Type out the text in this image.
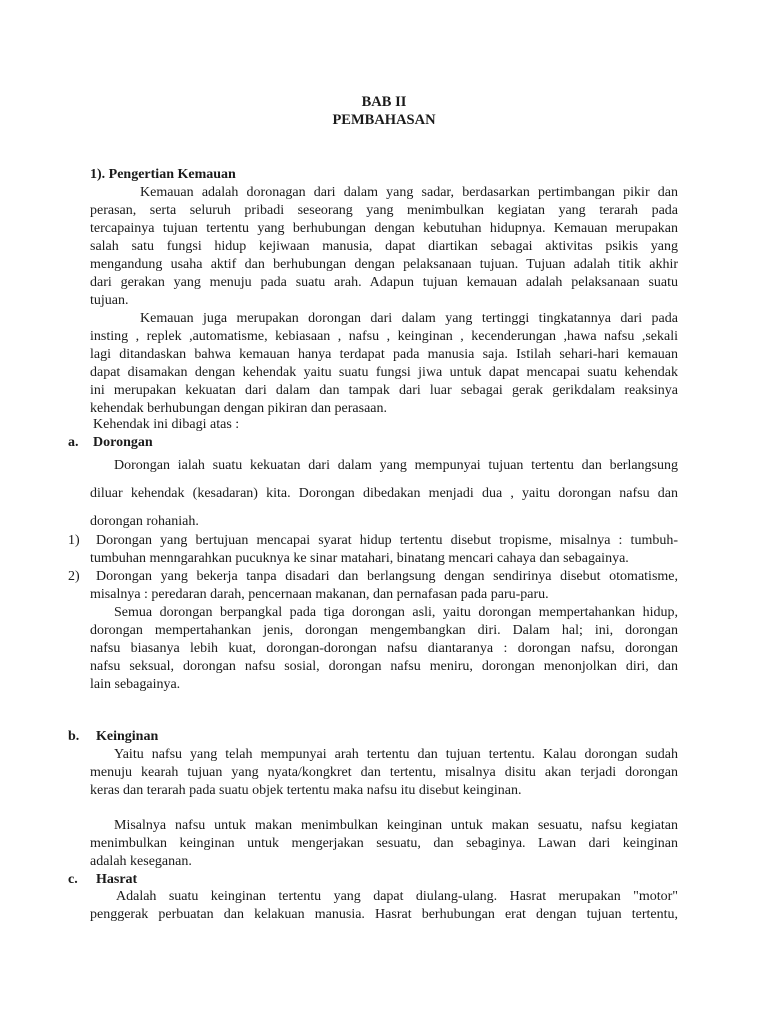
BAB II
PEMBAHASAN
1). Pengertian Kemauan
Kemauan adalah doronagan dari dalam yang sadar, berdasarkan pertimbangan pikir dan
perasan, serta seluruh pribadi seseorang yang menimbulkan kegiatan yang terarah pada
tercapainya tujuan tertentu yang berhubungan dengan kebutuhan hidupnya. Kemauan merupakan
salah satu fungsi hidup kejiwaan manusia, dapat diartikan sebagai aktivitas psikis yang
mengandung usaha aktif dan berhubungan dengan pelaksanaan tujuan. Tujuan adalah titik akhir
dari gerakan yang menuju pada suatu arah. Adapun tujuan kemauan adalah pelaksanaan suatu
tujuan.
Kemauan juga merupakan dorongan dari dalam yang tertinggi tingkatannya dari pada
insting , replek ,automatisme, kebiasaan , nafsu , keinginan , kecenderungan ,hawa nafsu ,sekali
lagi ditandaskan bahwa kemauan hanya terdapat pada manusia saja. Istilah sehari-hari kemauan
dapat disamakan dengan kehendak yaitu suatu fungsi jiwa untuk dapat mencapai suatu kehendak
ini merupakan kekuatan dari dalam dan tampak dari luar sebagai gerak gerikdalam reaksinya
kehendak berhubungan dengan pikiran dan perasaan.
Kehendak ini dibagi atas :
a. Dorongan
Dorongan ialah suatu kekuatan dari dalam yang mempunyai tujuan tertentu dan berlangsung
diluar kehendak (kesadaran) kita. Dorongan dibedakan menjadi dua , yaitu dorongan nafsu dan
dorongan rohaniah.
1)	Dorongan yang bertujuan mencapai syarat hidup tertentu disebut tropisme, misalnya : tumbuh-
tumbuhan menngarahkan pucuknya ke sinar matahari, binatang mencari cahaya dan sebagainya.
2)	Dorongan yang bekerja tanpa disadari dan berlangsung dengan sendirinya disebut otomatisme,
misalnya : peredaran darah, pencernaan makanan, dan pernafasan pada paru-paru.
Semua dorongan berpangkal pada tiga dorongan asli, yaitu dorongan mempertahankan hidup,
dorongan mempertahankan jenis, dorongan mengembangkan diri. Dalam hal; ini, dorongan
nafsu biasanya lebih kuat, dorongan-dorongan nafsu diantaranya : dorongan nafsu, dorongan
nafsu seksual, dorongan nafsu sosial, dorongan nafsu meniru, dorongan menonjolkan diri, dan
lain sebagainya.
b. Keinginan
Yaitu nafsu yang telah mempunyai arah tertentu dan tujuan tertentu. Kalau dorongan sudah
menuju kearah tujuan yang nyata/kongkret dan tertentu, misalnya disitu akan terjadi dorongan
keras dan terarah pada suatu objek tertentu maka nafsu itu disebut keinginan.
Misalnya nafsu untuk makan menimbulkan keinginan untuk makan sesuatu, nafsu kegiatan
menimbulkan keinginan untuk mengerjakan sesuatu, dan sebaginya. Lawan dari keinginan
adalah keseganan.
c. Hasrat
Adalah suatu keinginan tertentu yang dapat diulang-ulang. Hasrat merupakan "motor"
penggerak perbuatan dan kelakuan manusia. Hasrat berhubungan erat dengan tujuan tertentu,
